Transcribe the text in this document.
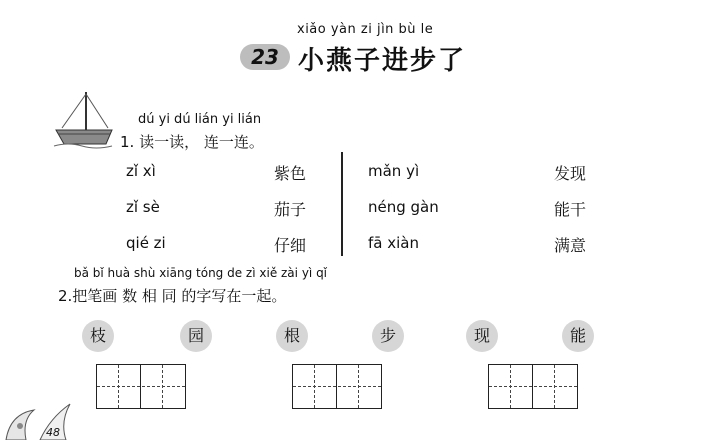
xiǎo yàn zi jìn bù le
23 小燕子进步了
dú yi dú lián yi lián
1. 读一读， 连一连。
zǐ xì	紫色
zǐ sè	茄子
qié zi	仔细
mǎn yì	发现
néng gàn	能干
fā xiàn	满意
bǎ bǐ huà shù xiāng tóng de zì xiě zài yì qǐ
2.把笔画 数 相 同 的字写在一起。
枝	园	根	步	现	能
48
